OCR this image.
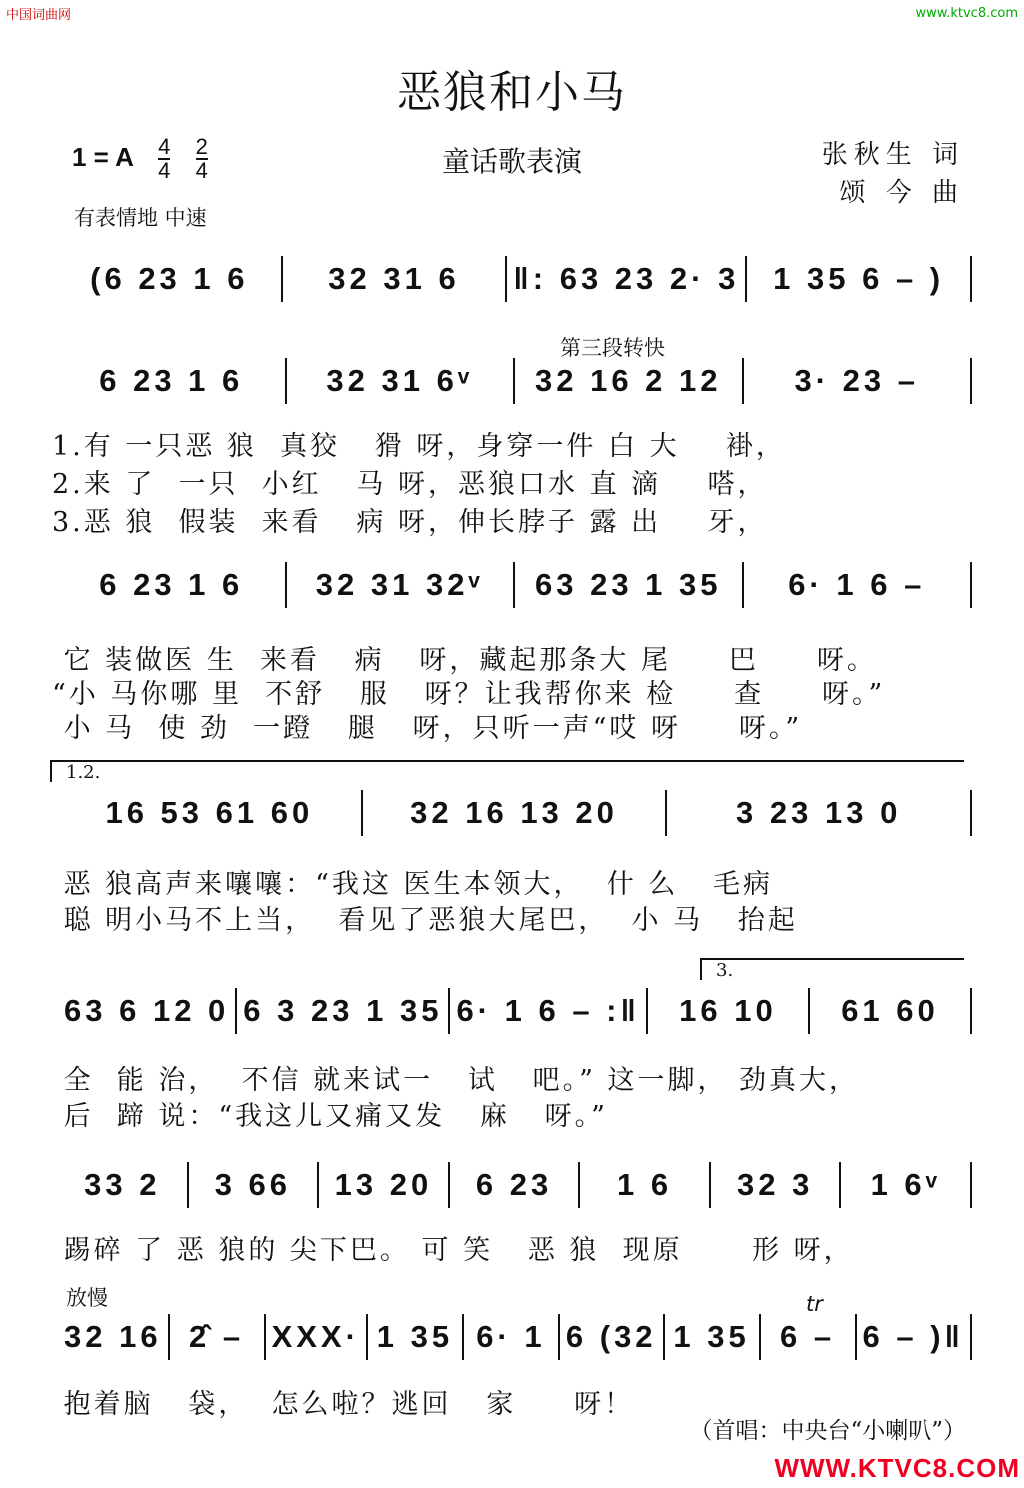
中国词曲网	www.ktvc8.com
恶狼和小马
1 = A $\frac{4}{4}$
$\frac{2}{4}$	童话歌表演	张秋生 词
颂 今 曲
有表情地 中速
(6 23 1 6	32 31 6	‖: 63 23 2· 3	1 35 6 – )
第三段转快
6 23 1 6	32 31 6ᵛ	32 16 2 12	3· 23 –
1.有 一只恶 狼  真狡   猾 呀，身穿一件 白 大    褂，
2.来 了  一只  小红   马 呀，恶狼口水 直 滴    嗒，
3.恶 狼  假装  来看   病 呀，伸长脖子 露 出    牙，
6 23 1 6	32 31 32ᵛ	63 23 1 35	6· 1 6 –
它 装做医 生  来看   病   呀，藏起那条大 尾     巴     呀。
“小 马你哪 里  不舒   服   呀？让我帮你来 检     查     呀。”
小 马  使 劲  一蹬   腿   呀，只听一声“哎 呀     呀。”
1.2.
16 53 61 60	32 16 13 20	3 23 13 0
恶 狼高声来嚷嚷：“我这 医生本领大，  什 么   毛病
聪 明小马不上当，  看见了恶狼大尾巴，  小 马   抬起
3.
63 6 12 0 6 3 23 1 35 6· 1 6 – :‖	16 10	61 60
全  能 治，  不信 就来试一   试   吧。” 这一脚， 劲真大，
后  蹄 说：“我这儿又痛又发   麻   呀。”
33 2	3 66	13 20	6 23	1 6	32 3	1 6ᵛ
踢碎 了 恶 狼的 尖下巴。 可 笑   恶 狼  现原      形 呀，
放慢	tr
32 16 2̂ – XXX· 1 35 6· 1 6 (32 1 35 6 – 6 – )‖
抱着脑   袋，  怎么啦？逃回   家     呀！
（首唱：中央台“小喇叭”）
WWW.KTVC8.COM
